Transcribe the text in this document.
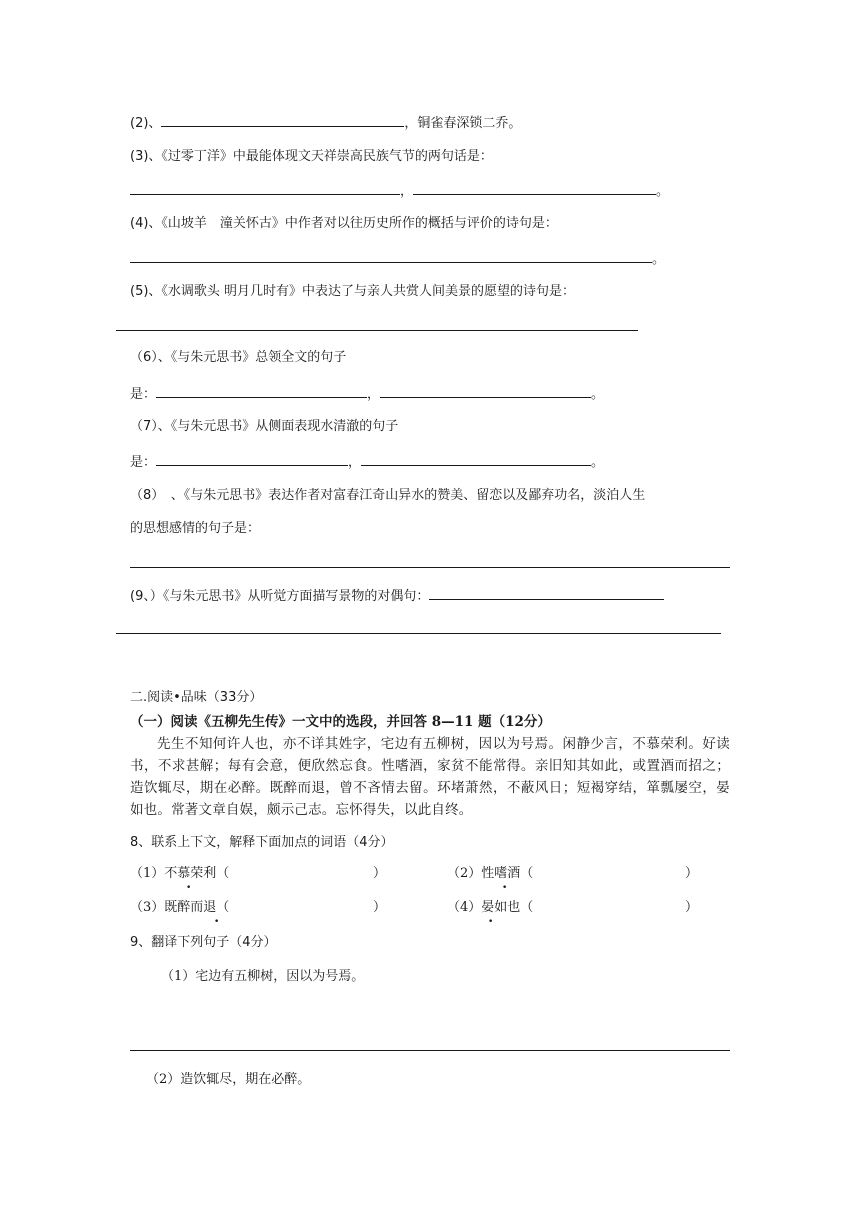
(2)、	，铜雀春深锁二乔。
(3)、《过零丁洋》中最能体现文天祥崇高民族气节的两句话是：
，	。
(4)、《山坡羊　潼关怀古》中作者对以往历史所作的概括与评价的诗句是：
。
(5)、《水调歌头 明月几时有》中表达了与亲人共赏人间美景的愿望的诗句是：
（6）、《与朱元思书》总领全文的句子
是：	，	。
（7）、《与朱元思书》从侧面表现水清澈的句子
是：	，	。
（8）　、《与朱元思书》表达作者对富春江奇山异水的赞美、留恋以及鄙弃功名，淡泊人生
的思想感情的句子是：
(9、）《与朱元思书》从听觉方面描写景物的对偶句：
二.阅读•品味（33分）
（一）阅读《五柳先生传》一文中的选段，并回答 8—11 题（12分）
先生不知何许人也，亦不详其姓字，宅边有五柳树，因以为号焉。闲静少言，不慕荣利。好读书，不求甚解；每有会意，便欣然忘食。性嗜酒，家贫不能常得。亲旧知其如此，或置酒而招之；造饮辄尽，期在必醉。既醉而退，曾不吝情去留。环堵萧然，不蔽风日；短褐穿结，箪瓢屡空，晏如也。常著文章自娱，颇示己志。忘怀得失，以此自终。
8、联系上下文，解释下面加点的词语（4分）
（1）不慕荣利（	）
•
（2）性嗜酒（	）
•
（3）既醉而退（	）
•
（4）晏如也（	）
•
9、翻译下列句子（4分）
（1）宅边有五柳树，因以为号焉。
（2）造饮辄尽，期在必醉。
